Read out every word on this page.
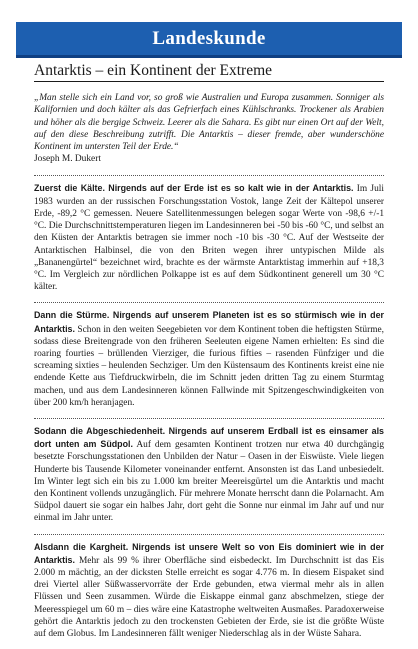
Landeskunde
Antarktis – ein Kontinent der Extreme

„Man stelle sich ein Land vor, so groß wie Australien und Europa zusammen. Sonniger als Kalifornien und doch kälter als das Gefrierfach eines Kühlschranks. Trockener als Arabien und höher als die bergige Schweiz. Leerer als die Sahara. Es gibt nur einen Ort auf der Welt, auf den diese Beschreibung zutrifft. Die Antarktis – dieser fremde, aber wunderschöne Kontinent im untersten Teil der Erde.“

Joseph M. Dukert

Zuerst die Kälte. Nirgends auf der Erde ist es so kalt wie in der Antarktis. Im Juli 1983 wurden an der russischen Forschungsstation Vostok, lange Zeit der Kältepol unserer Erde, -89,2 °C gemessen. Neuere Satellitenmessungen belegen sogar Werte von -98,6 +/-1 °C. Die Durchschnittstemperaturen liegen im Landesinneren bei -50 bis -60 °C, und selbst an den Küsten der Antarktis betragen sie immer noch -10 bis -30 °C. Auf der Westseite der Antarktischen Halbinsel, die von den Briten wegen ihrer untypischen Milde als „Bananengürtel“ bezeichnet wird, brachte es der wärmste Antarktistag immerhin auf +18,3 °C. Im Vergleich zur nördlichen Polkappe ist es auf dem Südkontinent generell um 30 °C kälter.

Dann die Stürme. Nirgends auf unserem Planeten ist es so stürmisch wie in der Antarktis. Schon in den weiten Seegebieten vor dem Kontinent toben die heftigsten Stürme, sodass diese Breitengrade von den früheren Seeleuten eigene Namen erhielten: Es sind die roaring fourties – brüllenden Vierziger, die furious fifties – rasenden Fünfziger und die screaming sixties – heulenden Sechziger. Um den Küstensaum des Kontinents kreist eine nie endende Kette aus Tiefdruckwirbeln, die im Schnitt jeden dritten Tag zu einem Sturmtag machen, und aus dem Landesinneren können Fallwinde mit Spitzengeschwindigkeiten von über 200 km/h heranjagen.

Sodann die Abgeschiedenheit. Nirgends auf unserem Erdball ist es einsamer als dort unten am Südpol. Auf dem gesamten Kontinent trotzen nur etwa 40 durchgängig besetzte Forschungsstationen den Unbilden der Natur – Oasen in der Eiswüste. Viele liegen Hunderte bis Tausende Kilometer voneinander entfernt. Ansonsten ist das Land unbesiedelt. Im Winter legt sich ein bis zu 1.000 km breiter Meereisgürtel um die Antarktis und macht den Kontinent vollends unzugänglich. Für mehrere Monate herrscht dann die Polarnacht. Am Südpol dauert sie sogar ein halbes Jahr, dort geht die Sonne nur einmal im Jahr auf und nur einmal im Jahr unter.

Alsdann die Kargheit. Nirgends ist unsere Welt so von Eis dominiert wie in der Antarktis. Mehr als 99 % ihrer Oberfläche sind eisbedeckt. Im Durchschnitt ist das Eis 2.000 m mächtig, an der dicksten Stelle erreicht es sogar 4.776 m. In diesem Eispaket sind drei Viertel aller Süßwasservorräte der Erde gebunden, etwa viermal mehr als in allen Flüssen und Seen zusammen. Würde die Eiskappe einmal ganz abschmelzen, stiege der Meeresspiegel um 60 m – dies wäre eine Katastrophe weltweiten Ausmaßes. Paradoxerweise gehört die Antarktis jedoch zu den trockensten Gebieten der Erde, sie ist die größte Wüste auf dem Globus. Im Landesinneren fällt weniger Niederschlag als in der Wüste Sahara.
